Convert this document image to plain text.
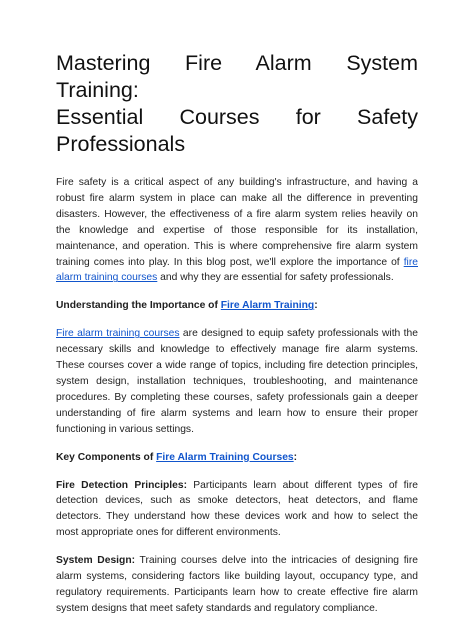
Mastering Fire Alarm System Training:
Essential Courses for Safety
Professionals

Fire safety is a critical aspect of any building's infrastructure, and having a robust fire alarm system in place can make all the difference in preventing disasters. However, the effectiveness of a fire alarm system relies heavily on the knowledge and expertise of those responsible for its installation, maintenance, and operation. This is where comprehensive fire alarm system training comes into play. In this blog post, we'll explore the importance of fire alarm training courses and why they are essential for safety professionals.

Understanding the Importance of Fire Alarm Training:

Fire alarm training courses are designed to equip safety professionals with the necessary skills and knowledge to effectively manage fire alarm systems. These courses cover a wide range of topics, including fire detection principles, system design, installation techniques, troubleshooting, and maintenance procedures. By completing these courses, safety professionals gain a deeper understanding of fire alarm systems and learn how to ensure their proper functioning in various settings.

Key Components of Fire Alarm Training Courses:

Fire Detection Principles: Participants learn about different types of fire detection devices, such as smoke detectors, heat detectors, and flame detectors. They understand how these devices work and how to select the most appropriate ones for different environments.

System Design: Training courses delve into the intricacies of designing fire alarm systems, considering factors like building layout, occupancy type, and regulatory requirements. Participants learn how to create effective fire alarm system designs that meet safety standards and regulatory compliance.
